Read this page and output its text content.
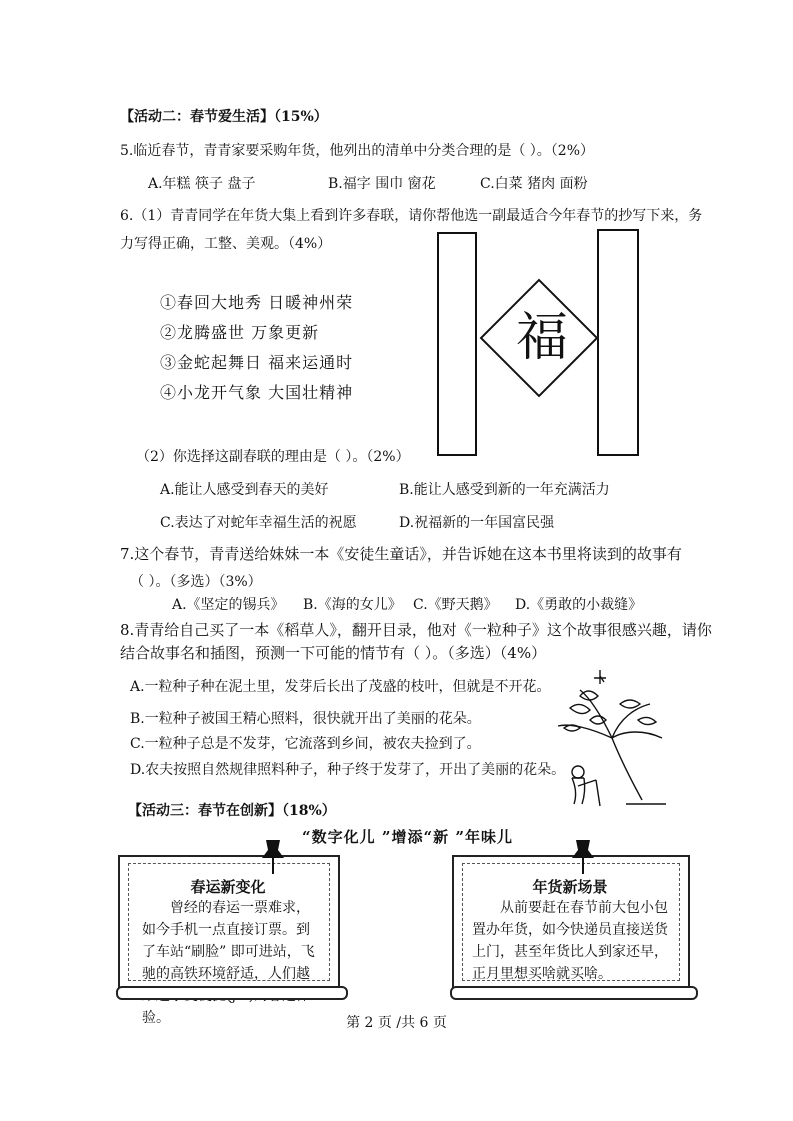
【活动二：春节爱生活】（15%）
5.临近春节，青青家要采购年货，他列出的清单中分类合理的是（ ）。（2%）
A.年糕 筷子 盘子	B.福字 围巾 窗花	C.白菜 猪肉 面粉
6.（1）青青同学在年货大集上看到许多春联，请你帮他选一副最适合今年春节的抄写下来，务
力写得正确，工整、美观。（4%）
①春回大地秀 日暖神州荣
②龙腾盛世 万象更新
③金蛇起舞日 福来运通时
④小龙开气象 大国壮精神
福
（2）你选择这副春联的理由是（ ）。（2%）
A.能让人感受到春天的美好	B.能让人感受到新的一年充满活力
C.表达了对蛇年幸福生活的祝愿	D.祝福新的一年国富民强
7.这个春节，青青送给妹妹一本《安徒生童话》，并告诉她在这本书里将读到的故事有
（ ）。（多选）（3%）
A.《坚定的锡兵》 B.《海的女儿》 C.《野天鹅》 D.《勇敢的小裁缝》
8.青青给自己买了一本《稻草人》，翻开目录，他对《一粒种子》这个故事很感兴趣，请你
结合故事名和插图，预测一下可能的情节有（ ）。（多选）（4%）
A.一粒种子种在泥土里，发芽后长出了茂盛的枝叶，但就是不开花。
B.一粒种子被国王精心照料，很快就开出了美丽的花朵。
C.一粒种子总是不发芽，它流落到乡间，被农夫捡到了。
D.农夫按照自然规律照料种子，种子终于发芽了，开出了美丽的花朵。
【活动三：春节在创新】（18%）
“数字化儿 ”增添“新 ”年味儿
春运新变化
曾经的春运一票难求，如今手机一点直接订票。到了车站“刷脸” 即可进站，飞驰的高铁环境舒适，人们越 验。
年货新场景
从前要赶在春节前大包小包置办年货，如今快递员直接送货上门，甚至年货比人到家还早，正月里想买啥就买啥。
第 2 页 /共 6 页
